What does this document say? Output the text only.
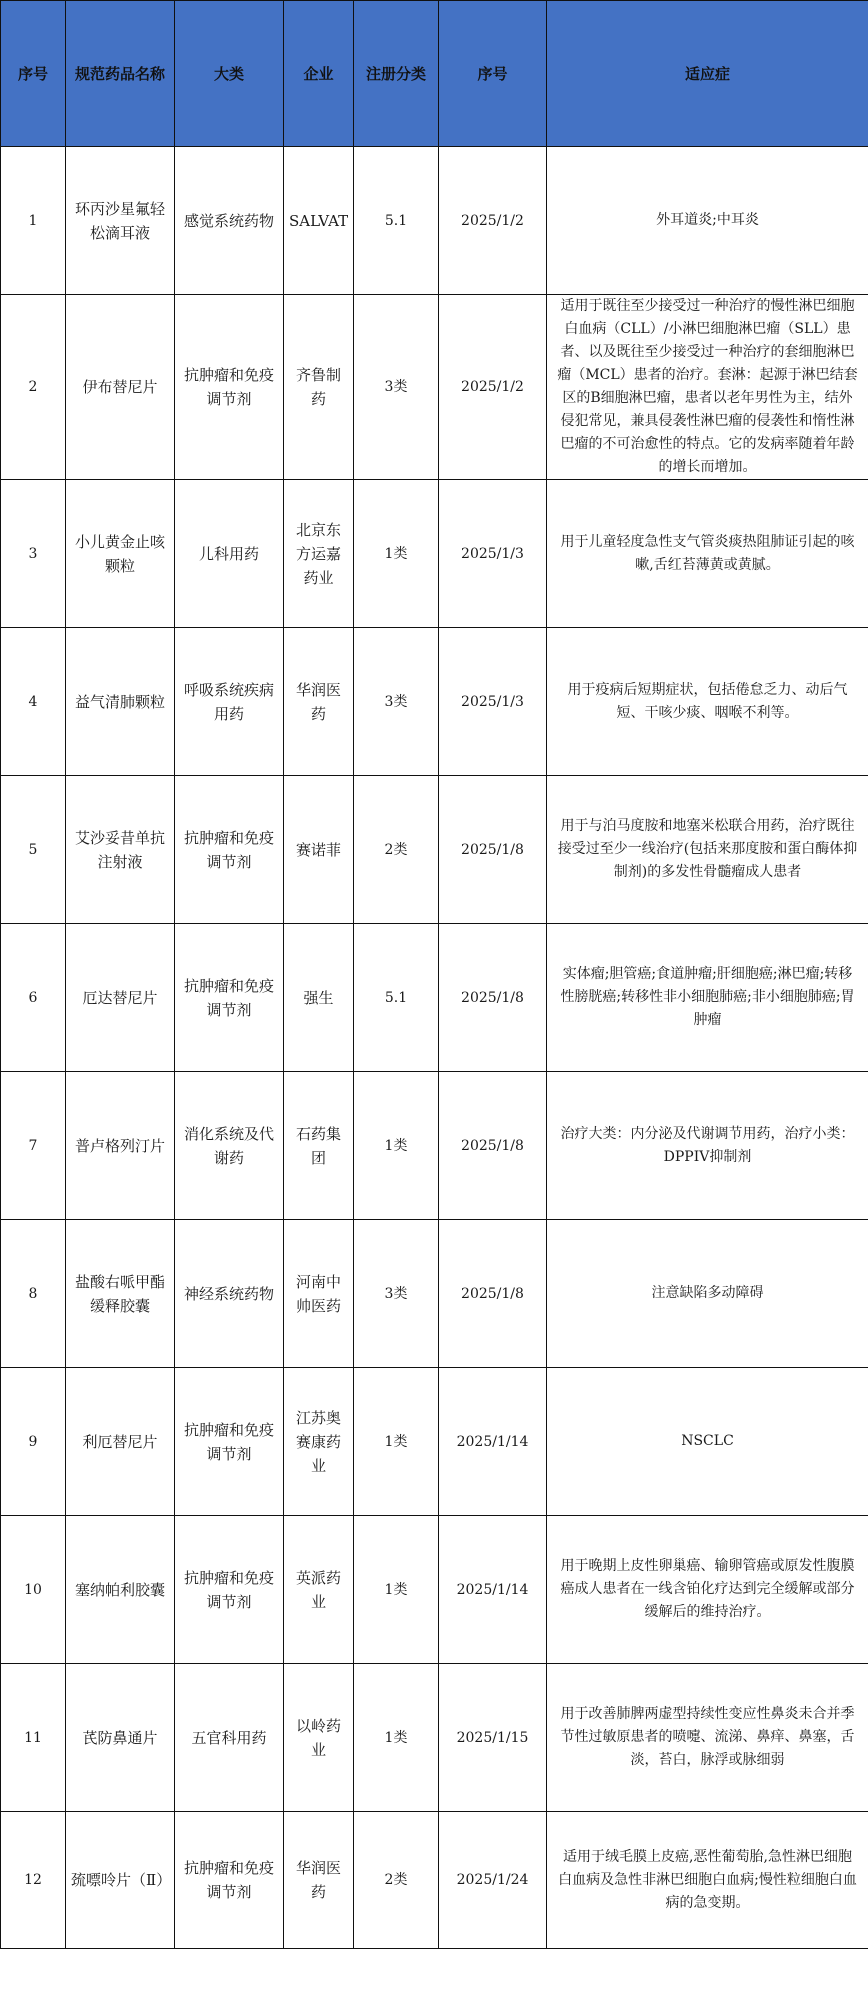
序号	规范药品名称	大类	企业	注册分类	序号	适应症
1	环丙沙星氟轻松滴耳液	感觉系统药物	SALVAT	5.1	2025/1/2	外耳道炎;中耳炎
2	伊布替尼片	抗肿瘤和免疫调节剂	齐鲁制药	3类	2025/1/2	适用于既往至少接受过一种治疗的慢性淋巴细胞白血病（CLL）/小淋巴细胞淋巴瘤（SLL）患者、以及既往至少接受过一种治疗的套细胞淋巴瘤（MCL）患者的治疗。套淋：起源于淋巴结套区的B细胞淋巴瘤，患者以老年男性为主，结外侵犯常见，兼具侵袭性淋巴瘤的侵袭性和惰性淋巴瘤的不可治愈性的特点。它的发病率随着年龄的增长而增加。
3	小儿黄金止咳颗粒	儿科用药	北京东方运嘉药业	1类	2025/1/3	用于儿童轻度急性支气管炎痰热阻肺证引起的咳嗽,舌红苔薄黄或黄腻。
4	益气清肺颗粒	呼吸系统疾病用药	华润医药	3类	2025/1/3	用于疫病后短期症状，包括倦怠乏力、动后气短、干咳少痰、咽喉不利等。
5	艾沙妥昔单抗注射液	抗肿瘤和免疫调节剂	赛诺菲	2类	2025/1/8	用于与泊马度胺和地塞米松联合用药，治疗既往接受过至少一线治疗(包括来那度胺和蛋白酶体抑制剂)的多发性骨髓瘤成人患者
6	厄达替尼片	抗肿瘤和免疫调节剂	强生	5.1	2025/1/8	实体瘤;胆管癌;食道肿瘤;肝细胞癌;淋巴瘤;转移性膀胱癌;转移性非小细胞肺癌;非小细胞肺癌;胃肿瘤
7	普卢格列汀片	消化系统及代谢药	石药集团	1类	2025/1/8	治疗大类：内分泌及代谢调节用药，治疗小类：DPPIV抑制剂
8	盐酸右哌甲酯缓释胶囊	神经系统药物	河南中帅医药	3类	2025/1/8	注意缺陷多动障碍
9	利厄替尼片	抗肿瘤和免疫调节剂	江苏奥赛康药业	1类	2025/1/14	NSCLC
10	塞纳帕利胶囊	抗肿瘤和免疫调节剂	英派药业	1类	2025/1/14	用于晚期上皮性卵巢癌、输卵管癌或原发性腹膜癌成人患者在一线含铂化疗达到完全缓解或部分缓解后的维持治疗。
11	芪防鼻通片	五官科用药	以岭药业	1类	2025/1/15	用于改善肺脾两虚型持续性变应性鼻炎未合并季节性过敏原患者的喷嚏、流涕、鼻痒、鼻塞，舌淡，苔白，脉浮或脉细弱
12	巯嘌呤片（Ⅱ）	抗肿瘤和免疫调节剂	华润医药	2类	2025/1/24	适用于绒毛膜上皮癌,恶性葡萄胎,急性淋巴细胞白血病及急性非淋巴细胞白血病;慢性粒细胞白血病的急变期。
